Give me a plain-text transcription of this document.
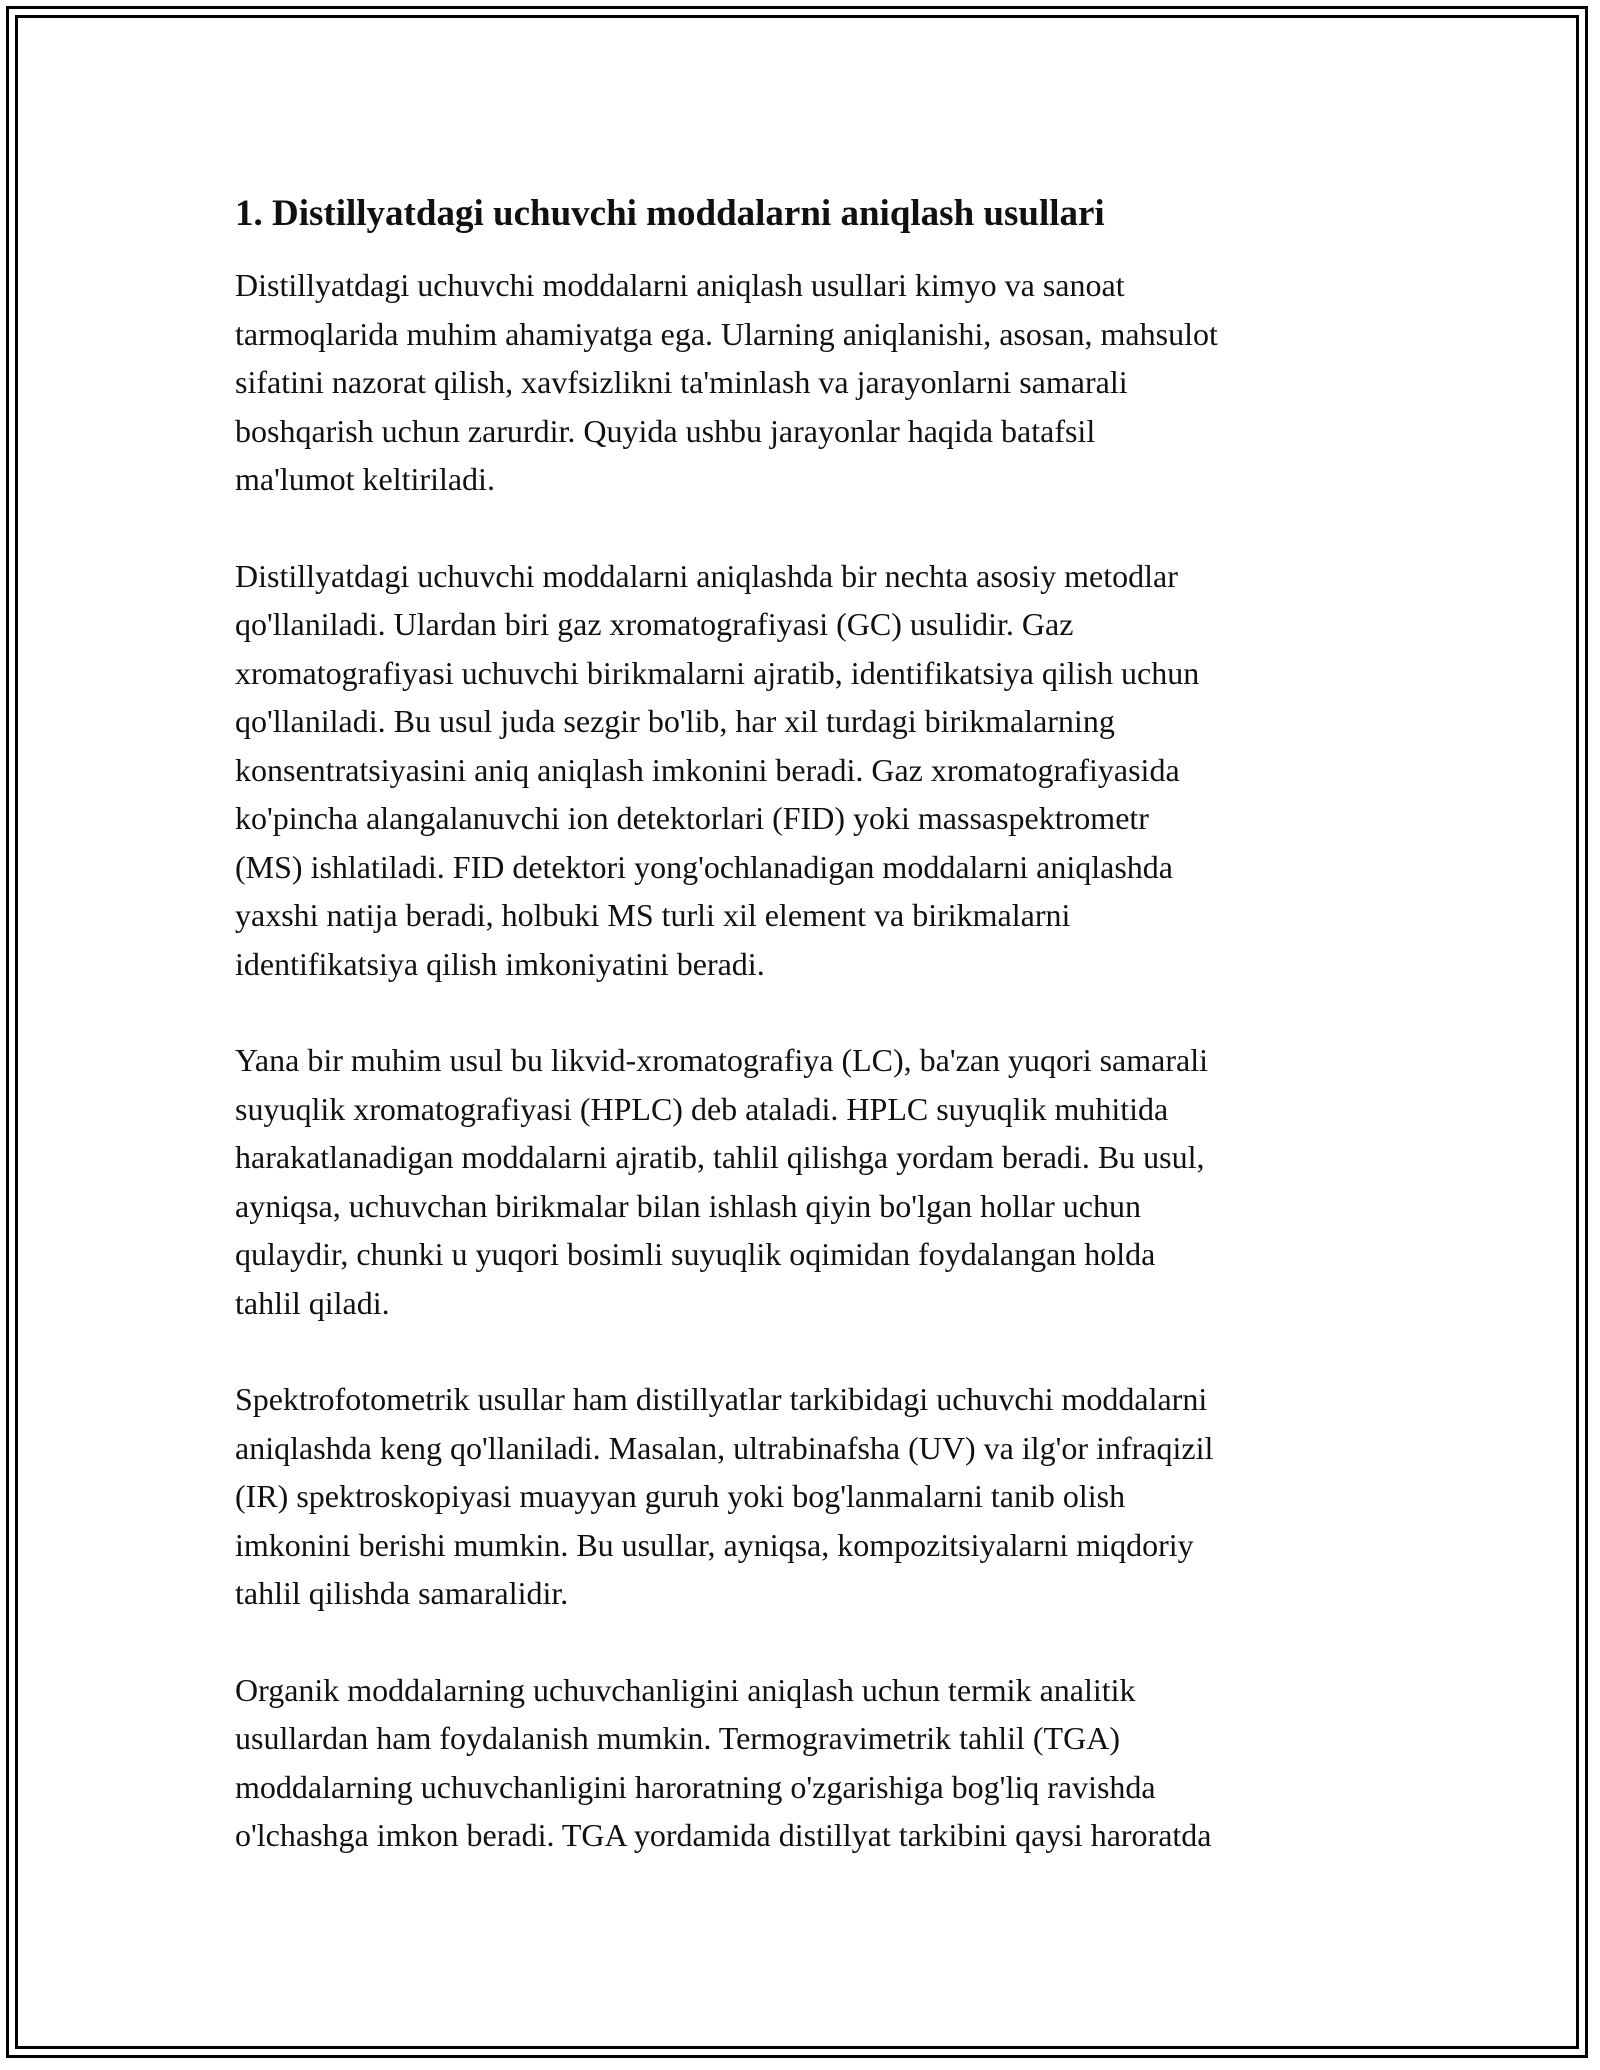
1. Distillyatdagi uchuvchi moddalarni aniqlash usullari

Distillyatdagi uchuvchi moddalarni aniqlash usullari kimyo va sanoat
tarmoqlarida muhim ahamiyatga ega. Ularning aniqlanishi, asosan, mahsulot
sifatini nazorat qilish, xavfsizlikni ta'minlash va jarayonlarni samarali
boshqarish uchun zarurdir. Quyida ushbu jarayonlar haqida batafsil
ma'lumot keltiriladi.

Distillyatdagi uchuvchi moddalarni aniqlashda bir nechta asosiy metodlar
qo'llaniladi. Ulardan biri gaz xromatografiyasi (GC) usulidir. Gaz
xromatografiyasi uchuvchi birikmalarni ajratib, identifikatsiya qilish uchun
qo'llaniladi. Bu usul juda sezgir bo'lib, har xil turdagi birikmalarning
konsentratsiyasini aniq aniqlash imkonini beradi. Gaz xromatografiyasida
ko'pincha alangalanuvchi ion detektorlari (FID) yoki massaspektrometr
(MS) ishlatiladi. FID detektori yong'ochlanadigan moddalarni aniqlashda
yaxshi natija beradi, holbuki MS turli xil element va birikmalarni
identifikatsiya qilish imkoniyatini beradi.

Yana bir muhim usul bu likvid-xromatografiya (LC), ba'zan yuqori samarali
suyuqlik xromatografiyasi (HPLC) deb ataladi. HPLC suyuqlik muhitida
harakatlanadigan moddalarni ajratib, tahlil qilishga yordam beradi. Bu usul,
ayniqsa, uchuvchan birikmalar bilan ishlash qiyin bo'lgan hollar uchun
qulaydir, chunki u yuqori bosimli suyuqlik oqimidan foydalangan holda
tahlil qiladi.

Spektrofotometrik usullar ham distillyatlar tarkibidagi uchuvchi moddalarni
aniqlashda keng qo'llaniladi. Masalan, ultrabinafsha (UV) va ilg'or infraqizil
(IR) spektroskopiyasi muayyan guruh yoki bog'lanmalarni tanib olish
imkonini berishi mumkin. Bu usullar, ayniqsa, kompozitsiyalarni miqdoriy
tahlil qilishda samaralidir.

Organik moddalarning uchuvchanligini aniqlash uchun termik analitik
usullardan ham foydalanish mumkin. Termogravimetrik tahlil (TGA)
moddalarning uchuvchanligini haroratning o'zgarishiga bog'liq ravishda
o'lchashga imkon beradi. TGA yordamida distillyat tarkibini qaysi haroratda
